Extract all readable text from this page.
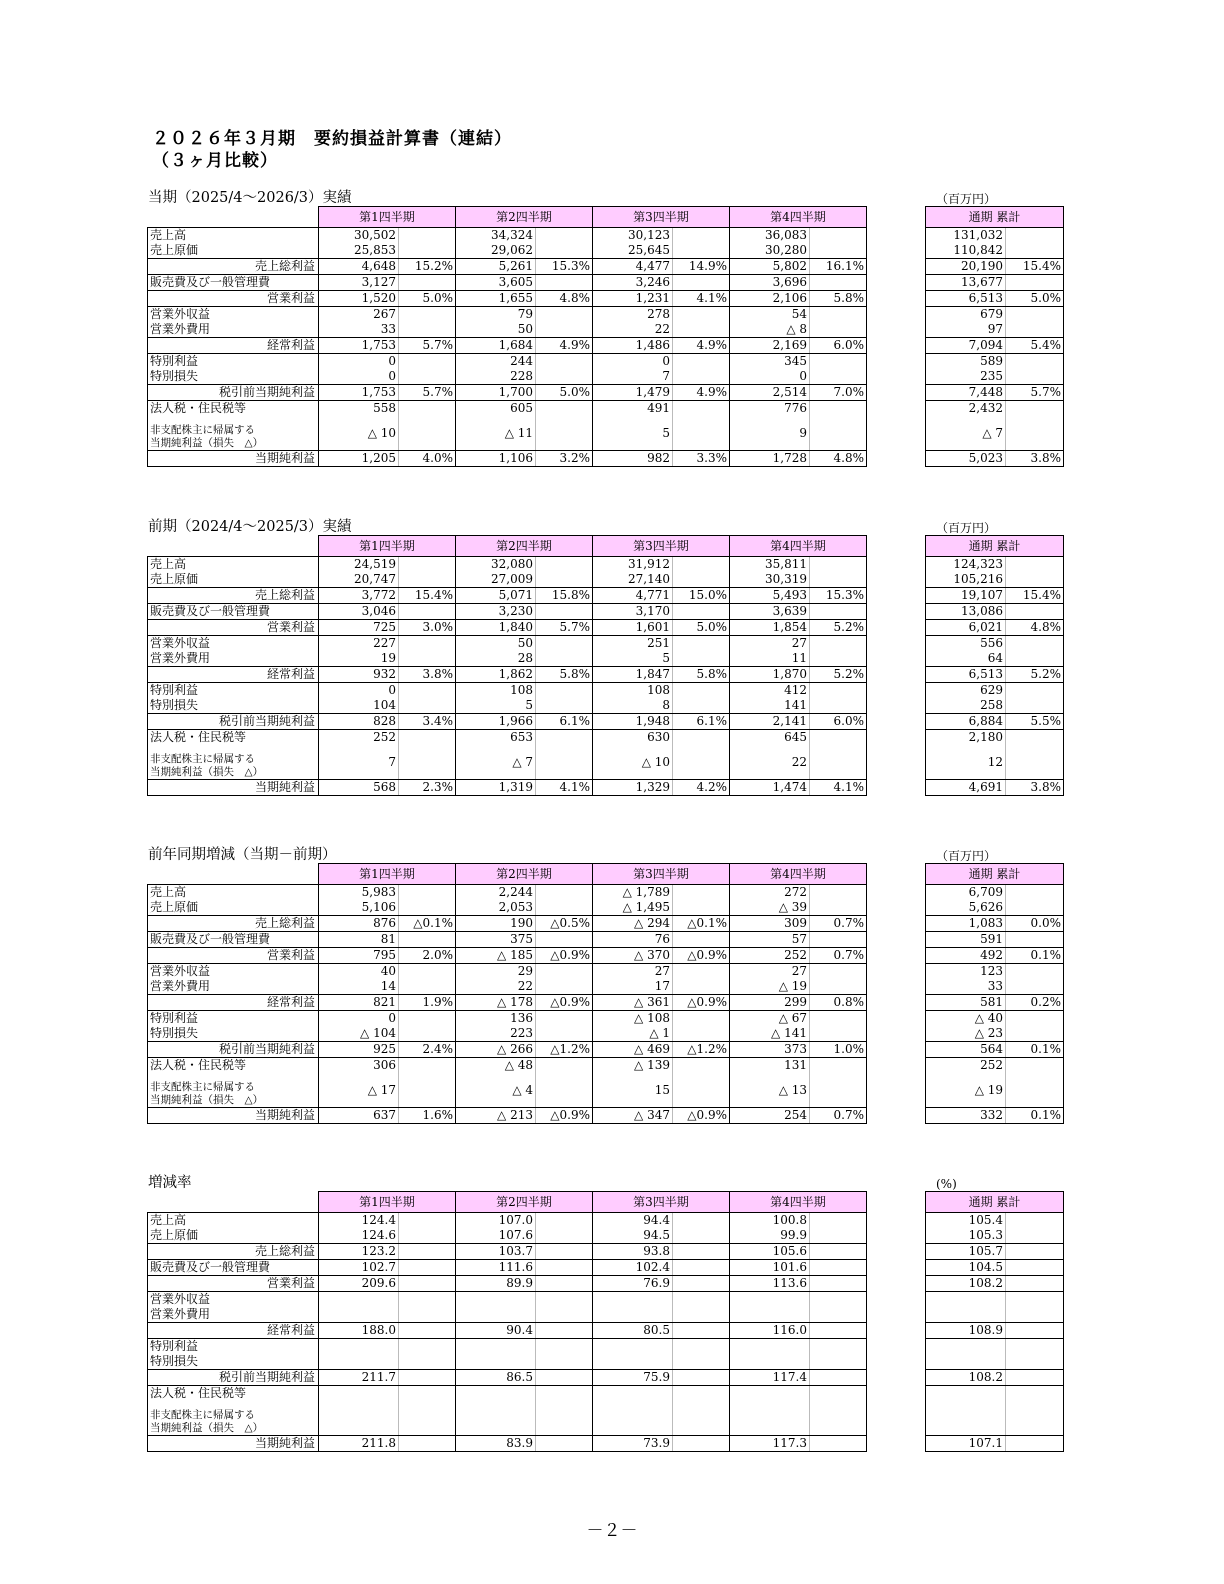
２０２６年３月期　要約損益計算書（連結）
（３ヶ月比較）
当期（2025/4～2026/3）実績	（百万円）
	第1四半期		第2四半期		第3四半期		第4四半期			通期 累計	
売上高	30,502		34,324		30,123		36,083			131,032	
売上原価	25,853		29,062		25,645		30,280			110,842	
売上総利益	4,648	15.2%	5,261	15.3%	4,477	14.9%	5,802	16.1%		20,190	15.4%
販売費及び一般管理費	3,127		3,605		3,246		3,696			13,677	
営業利益	1,520	5.0%	1,655	4.8%	1,231	4.1%	2,106	5.8%		6,513	5.0%
営業外収益	267		79		278		54			679	
営業外費用	33		50		22		△ 8			97	
経常利益	1,753	5.7%	1,684	4.9%	1,486	4.9%	2,169	6.0%		7,094	5.4%
特別利益	0		244		0		345			589	
特別損失	0		228		7		0			235	
税引前当期純利益	1,753	5.7%	1,700	5.0%	1,479	4.9%	2,514	7.0%		7,448	5.7%
法人税・住民税等	558		605		491		776			2,432	

非支配株主に帰属する
当期純利益（損失　△）	△ 10		△ 11		5		9			△ 7	
当期純利益	1,205	4.0%	1,106	3.2%	982	3.3%	1,728	4.8%		5,023	3.8%
前期（2024/4～2025/3）実績	（百万円）
	第1四半期		第2四半期		第3四半期		第4四半期			通期 累計	
売上高	24,519		32,080		31,912		35,811			124,323	
売上原価	20,747		27,009		27,140		30,319			105,216	
売上総利益	3,772	15.4%	5,071	15.8%	4,771	15.0%	5,493	15.3%		19,107	15.4%
販売費及び一般管理費	3,046		3,230		3,170		3,639			13,086	
営業利益	725	3.0%	1,840	5.7%	1,601	5.0%	1,854	5.2%		6,021	4.8%
営業外収益	227		50		251		27			556	
営業外費用	19		28		5		11			64	
経常利益	932	3.8%	1,862	5.8%	1,847	5.8%	1,870	5.2%		6,513	5.2%
特別利益	0		108		108		412			629	
特別損失	104		5		8		141			258	
税引前当期純利益	828	3.4%	1,966	6.1%	1,948	6.1%	2,141	6.0%		6,884	5.5%
法人税・住民税等	252		653		630		645			2,180	

非支配株主に帰属する
当期純利益（損失　△）	7		△ 7		△ 10		22			12	
当期純利益	568	2.3%	1,319	4.1%	1,329	4.2%	1,474	4.1%		4,691	3.8%
前年同期増減（当期－前期）	（百万円）
	第1四半期		第2四半期		第3四半期		第4四半期			通期 累計	
売上高	5,983		2,244		△ 1,789		272			6,709	
売上原価	5,106		2,053		△ 1,495		△ 39			5,626	
売上総利益	876	△0.1%	190	△0.5%	△ 294	△0.1%	309	0.7%		1,083	0.0%
販売費及び一般管理費	81		375		76		57			591	
営業利益	795	2.0%	△ 185	△0.9%	△ 370	△0.9%	252	0.7%		492	0.1%
営業外収益	40		29		27		27			123	
営業外費用	14		22		17		△ 19			33	
経常利益	821	1.9%	△ 178	△0.9%	△ 361	△0.9%	299	0.8%		581	0.2%
特別利益	0		136		△ 108		△ 67			△ 40	
特別損失	△ 104		223		△ 1		△ 141			△ 23	
税引前当期純利益	925	2.4%	△ 266	△1.2%	△ 469	△1.2%	373	1.0%		564	0.1%
法人税・住民税等	306		△ 48		△ 139		131			252	

非支配株主に帰属する
当期純利益（損失　△）	△ 17		△ 4		15		△ 13			△ 19	
当期純利益	637	1.6%	△ 213	△0.9%	△ 347	△0.9%	254	0.7%		332	0.1%
増減率	(%)
	第1四半期		第2四半期		第3四半期		第4四半期			通期 累計	
売上高	124.4		107.0		94.4		100.8			105.4	
売上原価	124.6		107.6		94.5		99.9			105.3	
売上総利益	123.2		103.7		93.8		105.6			105.7	
販売費及び一般管理費	102.7		111.6		102.4		101.6			104.5	
営業利益	209.6		89.9		76.9		113.6			108.2	
営業外収益											
営業外費用											
経常利益	188.0		90.4		80.5		116.0			108.9	
特別利益											
特別損失											
税引前当期純利益	211.7		86.5		75.9		117.4			108.2	
法人税・住民税等											

非支配株主に帰属する
当期純利益（損失　△）											

当期純利益	211.8		83.9		73.9		117.3			107.1	
－２－
